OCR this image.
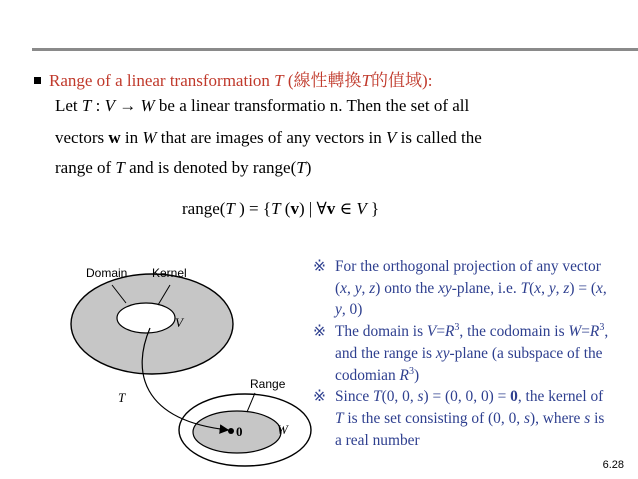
Range of a linear transformation T (線性轉換T的值域):
Let T : V → W be a linear transformatio n. Then the set of all
vectors w in W that are images of any vectors in V is called the
range of T and is denoted by range(T)
range(T ) = {T (v) | ∀v ∈ V }
Domain Kernel
V
T
Range
W
0
※ For the orthogonal projection of any vector (x, y, z) onto the xy-plane, i.e. T(x, y, z) = (x, y, 0)
※ The domain is $V=R^3$, the codomain is $W=R^3$, and the range is xy-plane (a subspace of the codomian $R^3$)
※ Since T(0, 0, s) = (0, 0, 0) = 0, the kernel of T is the set consisting of (0, 0, s), where s is a real number
6.28
